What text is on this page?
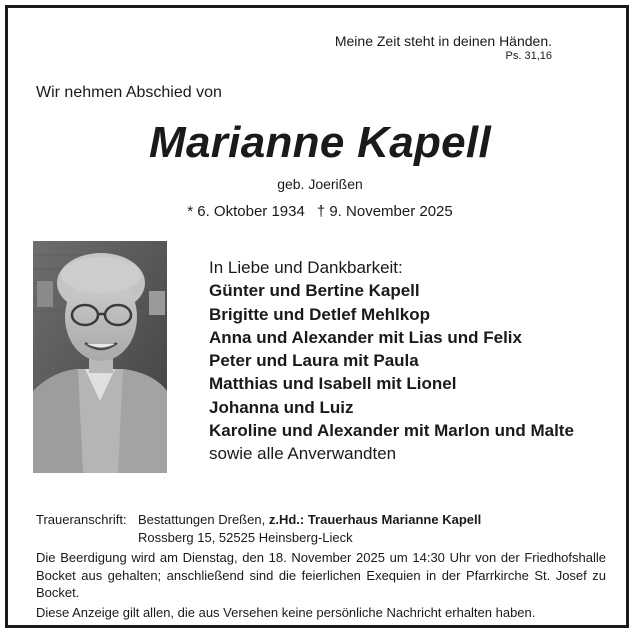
Meine Zeit steht in deinen Händen.
Ps. 31,16
Wir nehmen Abschied von
Marianne Kapell
geb. Joerißen
* 6. Oktober 1934 † 9. November 2025
In Liebe und Dankbarkeit:
Günter und Bertine Kapell
Brigitte und Detlef Mehlkop
Anna und Alexander mit Lias und Felix
Peter und Laura mit Paula
Matthias und Isabell mit Lionel
Johanna und Luiz
Karoline und Alexander mit Marlon und Malte
sowie alle Anverwandten
Traueranschrift: Bestattungen Dreßen, z.Hd.: Trauerhaus Marianne Kapell
Rossberg 15, 52525 Heinsberg-Lieck
Die Beerdigung wird am Dienstag, den 18. November 2025 um 14:30 Uhr von der Friedhofshalle Bocket aus gehalten; anschließend sind die feierlichen Exequien in der Pfarrkirche St. Josef zu Bocket.
Diese Anzeige gilt allen, die aus Versehen keine persönliche Nachricht erhalten haben.
